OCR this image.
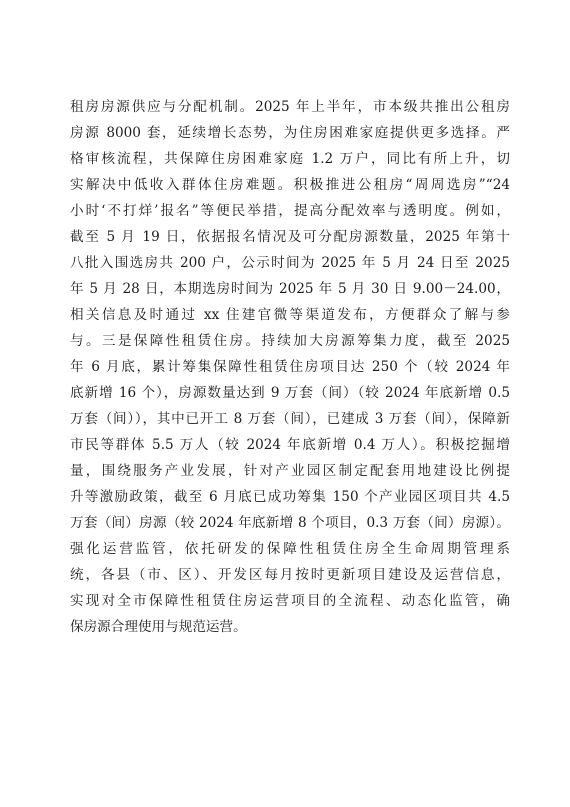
租房房源供应与分配机制。2025 年上半年，市本级共推出公租房
房源 8000 套，延续增长态势，为住房困难家庭提供更多选择。严
格审核流程，共保障住房困难家庭 1.2 万户，同比有所上升，切
实解决中低收入群体住房难题。积极推进公租房“周周选房”“24
小时‘不打烊’报名”等便民举措，提高分配效率与透明度。例如，
截至 5 月 19 日，依据报名情况及可分配房源数量，2025 年第十
八批入围选房共 200 户，公示时间为 2025 年 5 月 24 日至 2025
年 5 月 28 日，本期选房时间为 2025 年 5 月 30 日 9.00－24.00，
相关信息及时通过 xx 住建官微等渠道发布，方便群众了解与参
与。三是保障性租赁住房。持续加大房源筹集力度，截至 2025
年 6 月底，累计筹集保障性租赁住房项目达 250 个（较 2024 年
底新增 16 个），房源数量达到 9 万套（间）（较 2024 年底新增 0.5
万套（间）），其中已开工 8 万套（间），已建成 3 万套（间），保障新
市民等群体 5.5 万人（较 2024 年底新增 0.4 万人）。积极挖掘增
量，围绕服务产业发展，针对产业园区制定配套用地建设比例提
升等激励政策，截至 6 月底已成功筹集 150 个产业园区项目共 4.5
万套（间）房源（较 2024 年底新增 8 个项目，0.3 万套（间）房源）。
强化运营监管，依托研发的保障性租赁住房全生命周期管理系
统，各县（市、区）、开发区每月按时更新项目建设及运营信息，
实现对全市保障性租赁住房运营项目的全流程、动态化监管，确
保房源合理使用与规范运营。
